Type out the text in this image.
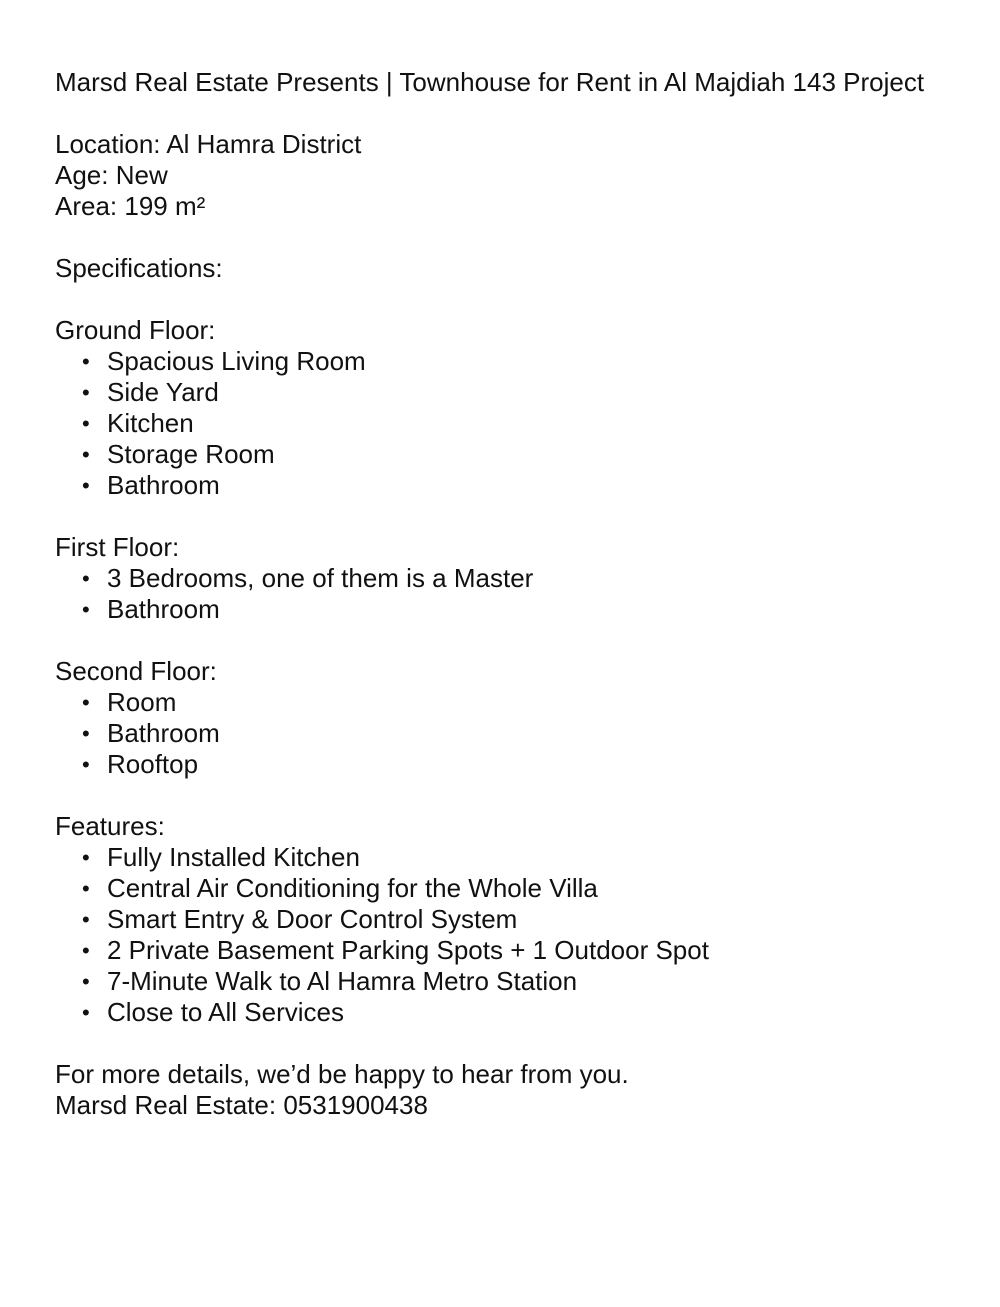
Marsd Real Estate Presents | Townhouse for Rent in Al Majdiah 143 Project
Location: Al Hamra District
Age: New
Area: 199 m²
Specifications:
Ground Floor:
• Spacious Living Room
• Side Yard
• Kitchen
• Storage Room
• Bathroom
First Floor:
• 3 Bedrooms, one of them is a Master
• Bathroom
Second Floor:
• Room
• Bathroom
• Rooftop
Features:
• Fully Installed Kitchen
• Central Air Conditioning for the Whole Villa
• Smart Entry & Door Control System
• 2 Private Basement Parking Spots + 1 Outdoor Spot
• 7-Minute Walk to Al Hamra Metro Station
• Close to All Services
For more details, we’d be happy to hear from you.
Marsd Real Estate: 0531900438
